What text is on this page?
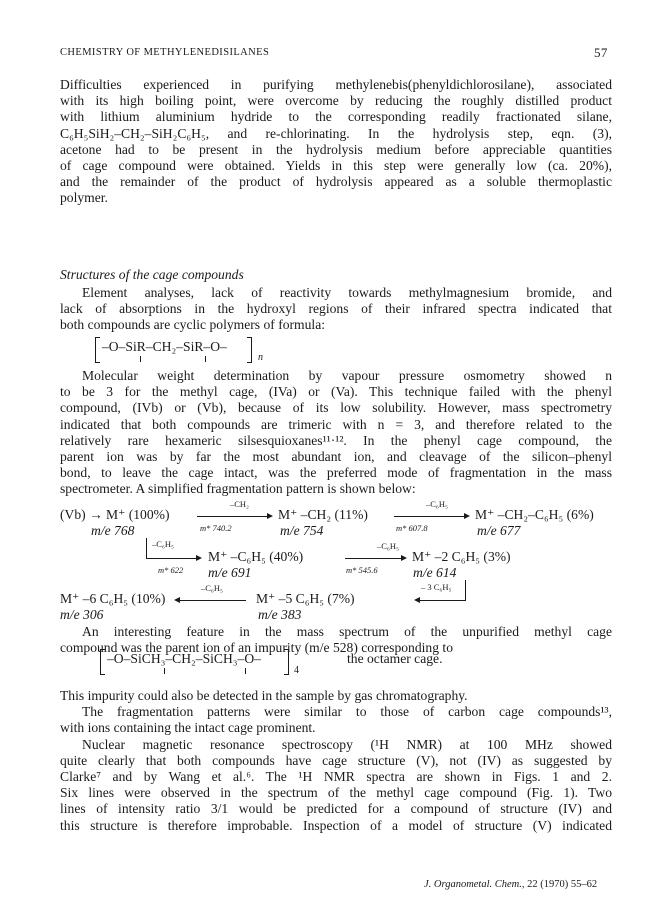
CHEMISTRY OF METHYLENEDISILANES	57
Difficulties experienced in purifying methylenebis(phenyldichlorosilane), associated
with its high boiling point, were overcome by reducing the roughly distilled product
with lithium aluminium hydride to the corresponding readily fractionated silane,
C₆H₅SiH₂–CH₂–SiH₂C₆H₅, and re-chlorinating. In the hydrolysis step, eqn. (3),
acetone had to be present in the hydrolysis medium before appreciable quantities
of cage compound were obtained. Yields in this step were generally low (ca. 20%),
and the remainder of the product of hydrolysis appeared as a soluble thermoplastic
polymer.
Structures of the cage compounds
Element analyses, lack of reactivity towards methylmagnesium bromide, and
lack of absorptions in the hydroxyl regions of their infrared spectra indicated that
both compounds are cyclic polymers of formula:
–O–SiR–CH₂–SiR–O–
n
Molecular weight determination by vapour pressure osmometry showed n
to be 3 for the methyl cage, (IVa) or (Va). This technique failed with the phenyl
compound, (IVb) or (Vb), because of its low solubility. However, mass spectrometry
indicated that both compounds are trimeric with n = 3, and therefore related to the
relatively rare hexameric silsesquioxanes¹¹·¹². In the phenyl cage compound, the
parent ion was by far the most abundant ion, and cleavage of the silicon–phenyl
bond, to leave the cage intact, was the preferred mode of fragmentation in the mass
spectrometer. A simplified fragmentation pattern is shown below:
(Vb) → M⁺ (100%)
m/e 768
–CH₂
m* 740.2
M⁺ –CH₂ (11%)
m/e 754
–C₆H₅
m* 607.8
M⁺ –CH₂–C₆H₅ (6%)
m/e 677
–C₆H₅
m* 622
M⁺ –C₆H₅ (40%)
m/e 691
–C₆H₅
m* 545.6
M⁺ –2 C₆H₅ (3%)
m/e 614
– 3 C₆H₅
M⁺ –5 C₆H₅ (7%)
m/e 383
–C₆H₅
M⁺ –6 C₆H₅ (10%)
m/e 306
An interesting feature in the mass spectrum of the unpurified methyl cage
compound was the parent ion of an impurity (m/e 528) corresponding to
–O–SiCH₃–CH₂–SiCH₃–O–
4
the octamer cage.
This impurity could also be detected in the sample by gas chromatography.
The fragmentation patterns were similar to those of carbon cage compounds¹³,
with ions containing the intact cage prominent.
Nuclear magnetic resonance spectroscopy (¹H NMR) at 100 MHz showed
quite clearly that both compounds have cage structure (V), not (IV) as suggested by
Clarke⁷ and by Wang et al.⁶. The ¹H NMR spectra are shown in Figs. 1 and 2.
Six lines were observed in the spectrum of the methyl cage compound (Fig. 1). Two
lines of intensity ratio 3/1 would be predicted for a compound of structure (IV) and
this structure is therefore improbable. Inspection of a model of structure (V) indicated
J. Organometal. Chem., 22 (1970) 55–62
